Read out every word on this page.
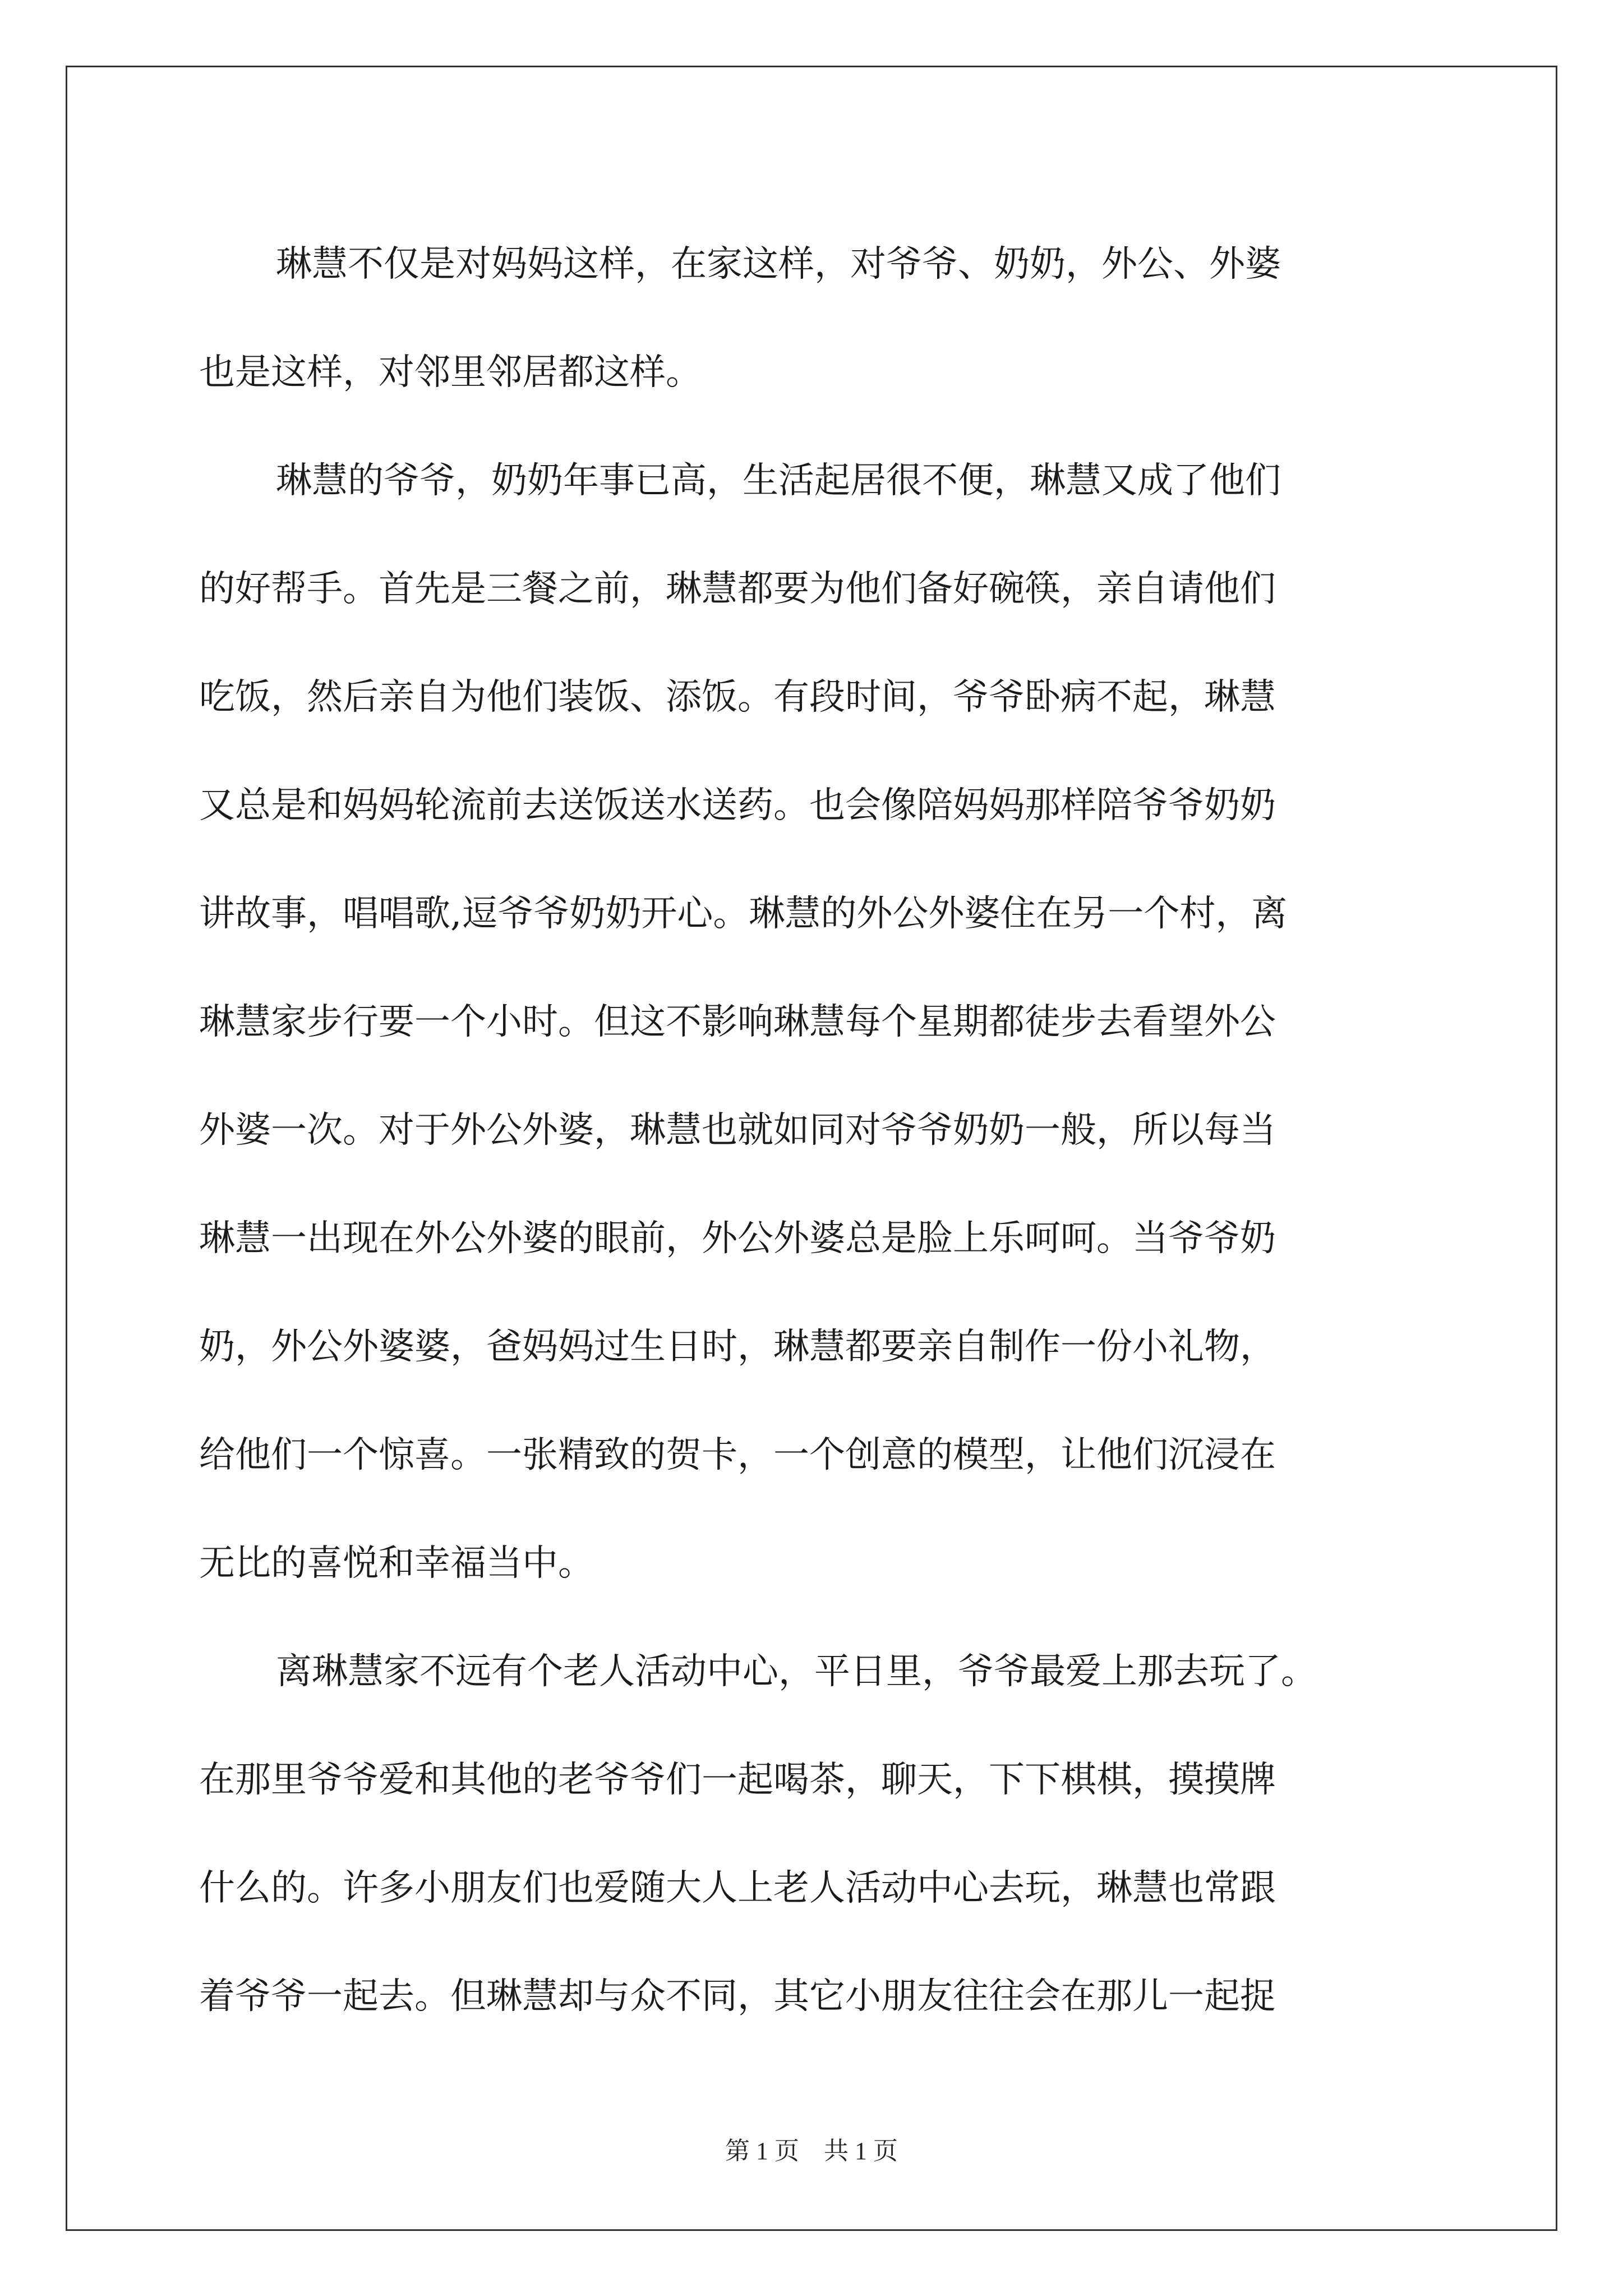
琳慧不仅是对妈妈这样，在家这样，对爷爷、奶奶，外公、外婆
也是这样，对邻里邻居都这样。
琳慧的爷爷，奶奶年事已高，生活起居很不便，琳慧又成了他们
的好帮手。首先是三餐之前，琳慧都要为他们备好碗筷，亲自请他们
吃饭，然后亲自为他们装饭、添饭。有段时间，爷爷卧病不起，琳慧
又总是和妈妈轮流前去送饭送水送药。也会像陪妈妈那样陪爷爷奶奶
讲故事，唱唱歌,逗爷爷奶奶开心。琳慧的外公外婆住在另一个村，离
琳慧家步行要一个小时。但这不影响琳慧每个星期都徒步去看望外公
外婆一次。对于外公外婆，琳慧也就如同对爷爷奶奶一般，所以每当
琳慧一出现在外公外婆的眼前，外公外婆总是脸上乐呵呵。当爷爷奶
奶，外公外婆婆，爸妈妈过生日时，琳慧都要亲自制作一份小礼物，
给他们一个惊喜。一张精致的贺卡，一个创意的模型，让他们沉浸在
无比的喜悦和幸福当中。
离琳慧家不远有个老人活动中心，平日里，爷爷最爱上那去玩了。
在那里爷爷爱和其他的老爷爷们一起喝茶，聊天，下下棋棋，摸摸牌
什么的。许多小朋友们也爱随大人上老人活动中心去玩，琳慧也常跟
着爷爷一起去。但琳慧却与众不同，其它小朋友往往会在那儿一起捉
第 1 页    共 1 页
